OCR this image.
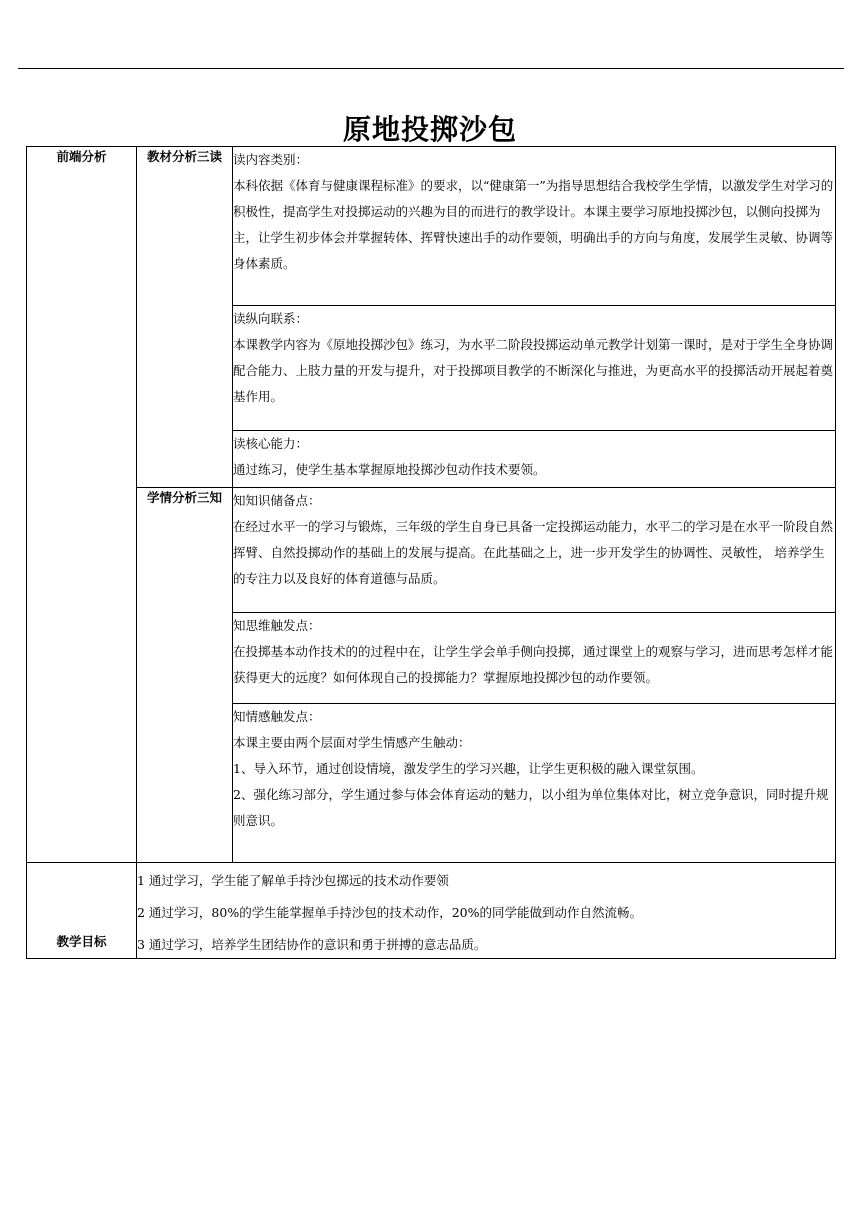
原地投掷沙包
前端分析	教材分析三读	读内容类别：
本科依据《体育与健康课程标准》的要求，以“健康第一”为指导思想结合我校学生学情，以激发学生对学习的积极性，提高学生对投掷运动的兴趣为目的而进行的教学设计。本课主要学习原地投掷沙包，以侧向投掷为主，让学生初步体会并掌握转体、挥臂快速出手的动作要领，明确出手的方向与角度，发展学生灵敏、协调等身体素质。

		读纵向联系：
本课教学内容为《原地投掷沙包》练习，为水平二阶段投掷运动单元教学计划第一课时，是对于学生全身协调配合能力、上肢力量的开发与提升，对于投掷项目教学的不断深化与推进，为更高水平的投掷活动开展起着奠基作用。

		读核心能力：
通过练习，使学生基本掌握原地投掷沙包动作技术要领。

	学情分析三知	知知识储备点：
在经过水平一的学习与锻炼，三年级的学生自身已具备一定投掷运动能力，水平二的学习是在水平一阶段自然挥臂、自然投掷动作的基础上的发展与提高。在此基础之上，进一步开发学生的协调性、灵敏性， 培养学生的专注力以及良好的体育道德与品质。

		知思维触发点：
在投掷基本动作技术的的过程中在，让学生学会单手侧向投掷，通过课堂上的观察与学习，进而思考怎样才能获得更大的远度？如何体现自己的投掷能力？掌握原地投掷沙包的动作要领。

		知情感触发点：
本课主要由两个层面对学生情感产生触动：
1、导入环节，通过创设情境，激发学生的学习兴趣，让学生更积极的融入课堂氛围。
2、强化练习部分，学生通过参与体会体育运动的魅力，以小组为单位集体对比，树立竞争意识，同时提升规则意识。

教学目标	1 通过学习，学生能了解单手持沙包掷远的技术动作要领
2 通过学习，80%的学生能掌握单手持沙包的技术动作，20%的同学能做到动作自然流畅。
3 通过学习，培养学生团结协作的意识和勇于拼搏的意志品质。	
